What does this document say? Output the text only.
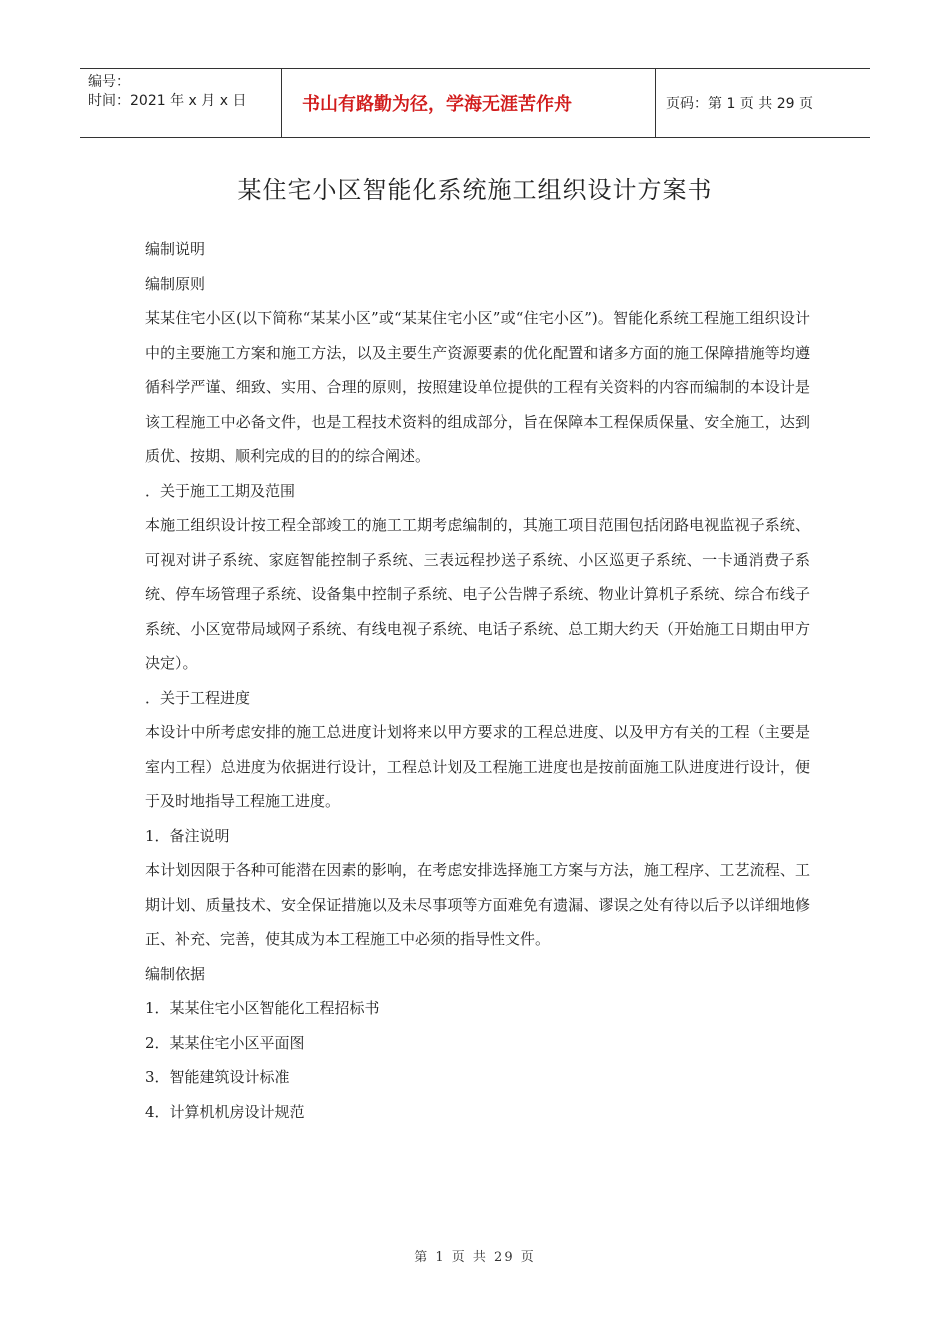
编号：
时间：2021 年 x 月 x 日	书山有路勤为径，学海无涯苦作舟	页码：第 1 页 共 29 页
某住宅小区智能化系统施工组织设计方案书

编制说明

编制原则

某某住宅小区(以下简称“某某小区”或“某某住宅小区”或“住宅小区”)。智能化系统工程施工组织设计中的主要施工方案和施工方法，以及主要生产资源要素的优化配置和诸多方面的施工保障措施等均遵循科学严谨、细致、实用、合理的原则，按照建设单位提供的工程有关资料的内容而编制的本设计是该工程施工中必备文件，也是工程技术资料的组成部分，旨在保障本工程保质保量、安全施工，达到质优、按期、顺利完成的目的的综合阐述。

．关于施工工期及范围

本施工组织设计按工程全部竣工的施工工期考虑编制的，其施工项目范围包括闭路电视监视子系统、可视对讲子系统、家庭智能控制子系统、三表远程抄送子系统、小区巡更子系统、一卡通消费子系统、停车场管理子系统、设备集中控制子系统、电子公告牌子系统、物业计算机子系统、综合布线子系统、小区宽带局域网子系统、有线电视子系统、电话子系统、总工期大约天（开始施工日期由甲方决定）。

．关于工程进度

本设计中所考虑安排的施工总进度计划将来以甲方要求的工程总进度、以及甲方有关的工程（主要是室内工程）总进度为依据进行设计，工程总计划及工程施工进度也是按前面施工队进度进行设计，便于及时地指导工程施工进度。

1．备注说明

本计划因限于各种可能潜在因素的影响，在考虑安排选择施工方案与方法，施工程序、工艺流程、工期计划、质量技术、安全保证措施以及未尽事项等方面难免有遗漏、谬误之处有待以后予以详细地修正、补充、完善，使其成为本工程施工中必须的指导性文件。

编制依据

1．某某住宅小区智能化工程招标书

2．某某住宅小区平面图

3．智能建筑设计标准

4．计算机机房设计规范

第 1 页 共 29 页
